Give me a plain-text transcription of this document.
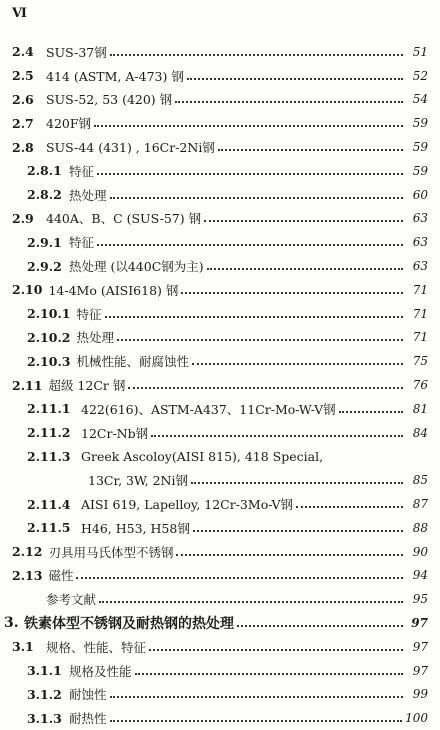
Ⅵ
2.4 SUS-37钢	51
2.5 414 (ASTM, A-473) 钢	52
2.6 SUS-52, 53 (420) 钢	54
2.7 420F钢	59
2.8 SUS-44 (431) , 16Cr-2Ni钢	59
2.8.1 特征	59
2.8.2 热处理	60
2.9 440A、B、C (SUS-57) 钢	63
2.9.1 特征	63
2.9.2 热处理 (以440C钢为主)	63
2.10 14-4Mo (AISI618) 钢	71
2.10.1 特征	71
2.10.2 热处理	71
2.10.3 机械性能、耐腐蚀性	75
2.11 超级 12Cr 钢	76
2.11.1 422(616)、ASTM-A437、11Cr-Mo-W-V钢	81
2.11.2 12Cr-Nb钢	84
2.11.3 Greek Ascoloy(AISI 815), 418 Special,
13Cr, 3W, 2Ni钢	85
2.11.4 AISI 619, Lapelloy, 12Cr-3Mo-V钢	87
2.11.5 H46, H53, H58钢	88
2.12 刃具用马氏体型不锈钢	90
2.13 磁性	94
参考文献	95
3. 铁素体型不锈钢及耐热钢的热处理	97
3.1 规格、性能、特征	97
3.1.1 规格及性能	97
3.1.2 耐蚀性	99
3.1.3 耐热性	100
